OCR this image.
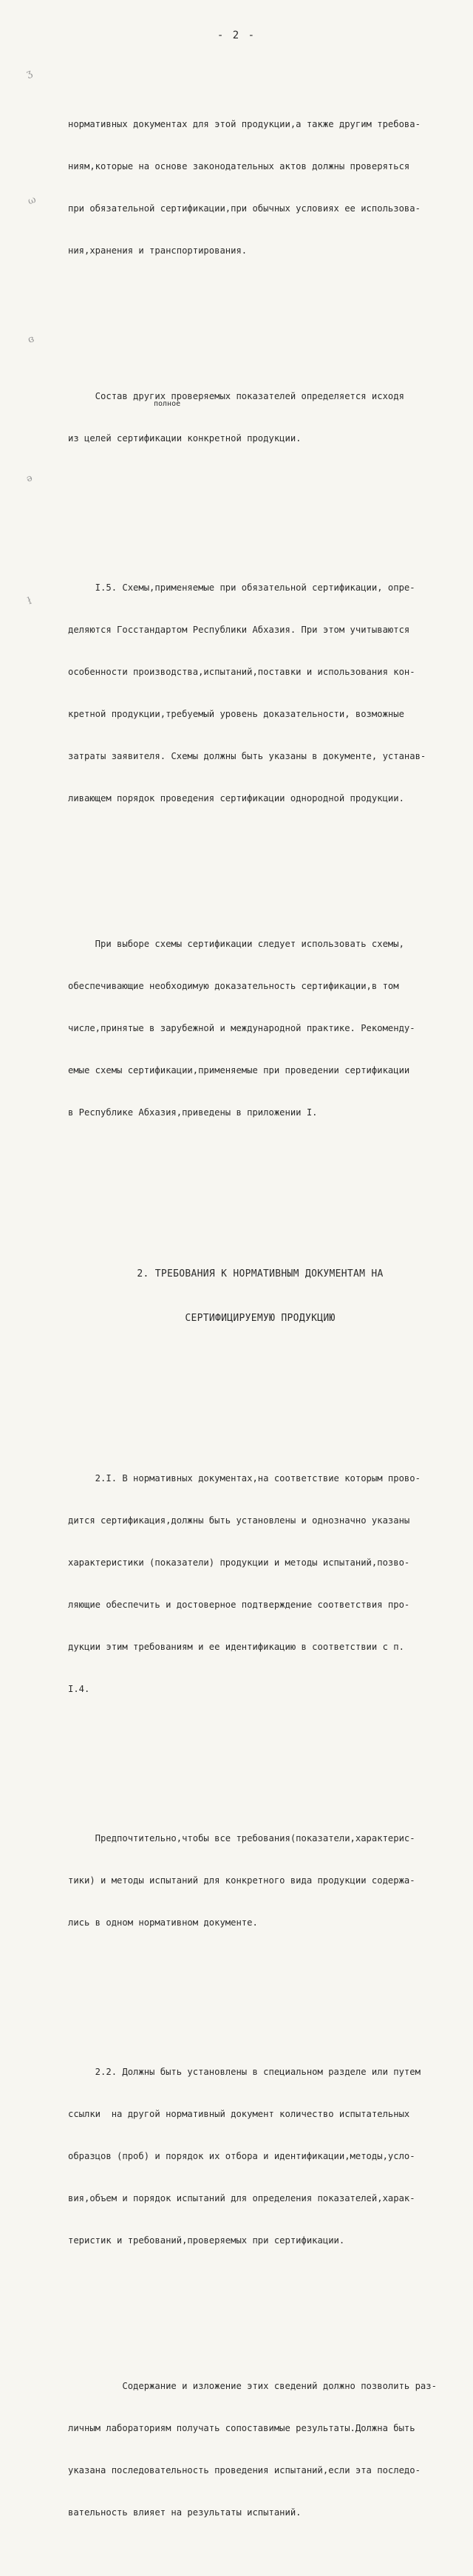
- 2 -
ʒ
ω
ɞ
ǝ
ł

нормативных документах для этой продукции,а также другим требова-

ниям,которые на основе законодательных актов должны проверяться

при обязательной сертификации,при обычных условиях ее использова-

ния,хранения и транспортирования.

Состав других проверяемых показателей определяется исходя

из целей сертификации конкретной продукции.

I.5. Схемы,применяемые при обязательной сертификации, опре-

деляются Госстандартом Республики Абхазия. При этом учитываются

особенности производства,испытаний,поставки и использования кон-

кретной продукции,требуемый уровень доказательности, возможные

затраты заявителя. Схемы должны быть указаны в документе, устанав-

ливающем порядок проведения сертификации однородной продукции.

При выборе схемы сертификации следует использовать схемы,

обеспечивающие необходимую доказательность сертификации,в том

числе,принятые в зарубежной и международной практике. Рекоменду-

емые схемы сертификации,применяемые при проведении сертификации

в Республике Абхазия,приведены в приложении I.

2. ТРЕБОВАНИЯ К НОРМАТИВНЫМ ДОКУМЕНТАМ НА

СЕРТИФИЦИРУЕМУЮ ПРОДУКЦИЮ

2.I. В нормативных документах,на соответствие которым прово-

дится сертификация,должны быть установлены и однозначно указаны

характеристики (показатели) продукции и методы испытаний,позво-

ляющие обеспечить и достоверное подтверждение соответствия про-

дукции этим требованиям и ее идентификацию в соответствии с п.

I.4.

Предпочтительно,чтобы все требования(показатели,характерис-

тики) и методы испытаний для конкретного вида продукции содержа-

лись в одном нормативном документе.

2.2. Должны быть установлены в специальном разделе или путем

ссылки  на другой нормативный документ количество испытательных

образцов (проб) и порядок их отбора и идентификации,методы,усло-

вия,объем и порядок испытаний для определения показателей,харак-

теристик и требований,проверяемых при сертификации.

Содержание и изложение этих сведений должно позволить раз-

личным лабораториям получать сопоставимые результаты.Должна быть

указана последовательность проведения испытаний,если эта последо-

вательность влияет на результаты испытаний.

полное
